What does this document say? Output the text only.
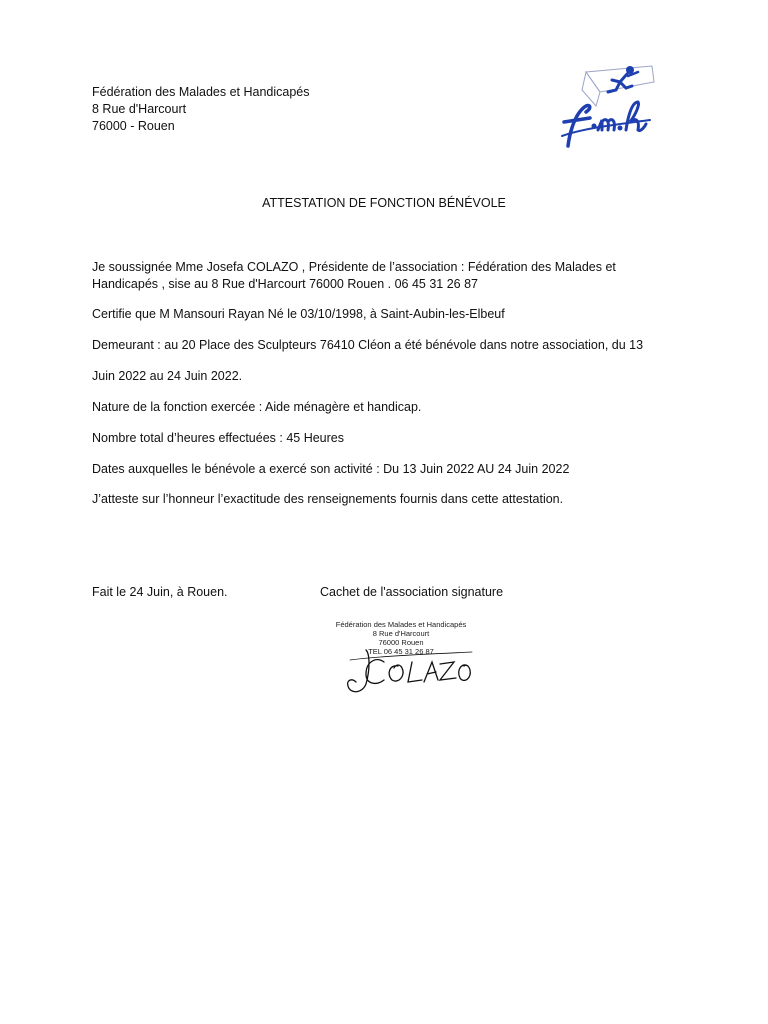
Fédération des Malades et Handicapés
8 Rue d'Harcourt
76000 - Rouen
ATTESTATION DE FONCTION BÉNÉVOLE
Je soussignée Mme Josefa COLAZO , Présidente de l’association : Fédération des Malades et Handicapés , sise au 8 Rue d'Harcourt 76000 Rouen . 06 45 31 26 87
Certifie que M Mansouri Rayan Né le 03/10/1998, à Saint-Aubin-les-Elbeuf
Demeurant : au 20 Place des Sculpteurs 76410 Cléon a été bénévole dans notre association, du 13
Juin 2022 au 24 Juin 2022.
Nature de la fonction exercée : Aide ménagère et handicap.
Nombre total d’heures effectuées : 45 Heures
Dates auxquelles le bénévole a exercé son activité : Du 13 Juin 2022 AU 24 Juin 2022
J’atteste sur l’honneur l’exactitude des renseignements fournis dans cette attestation.
Fait le 24 Juin, à Rouen.	Cachet de l'association signature
Fédération des Malades et Handicapés
8 Rue d'Harcourt
76000 Rouen
TEL 06 45 31 26 87
